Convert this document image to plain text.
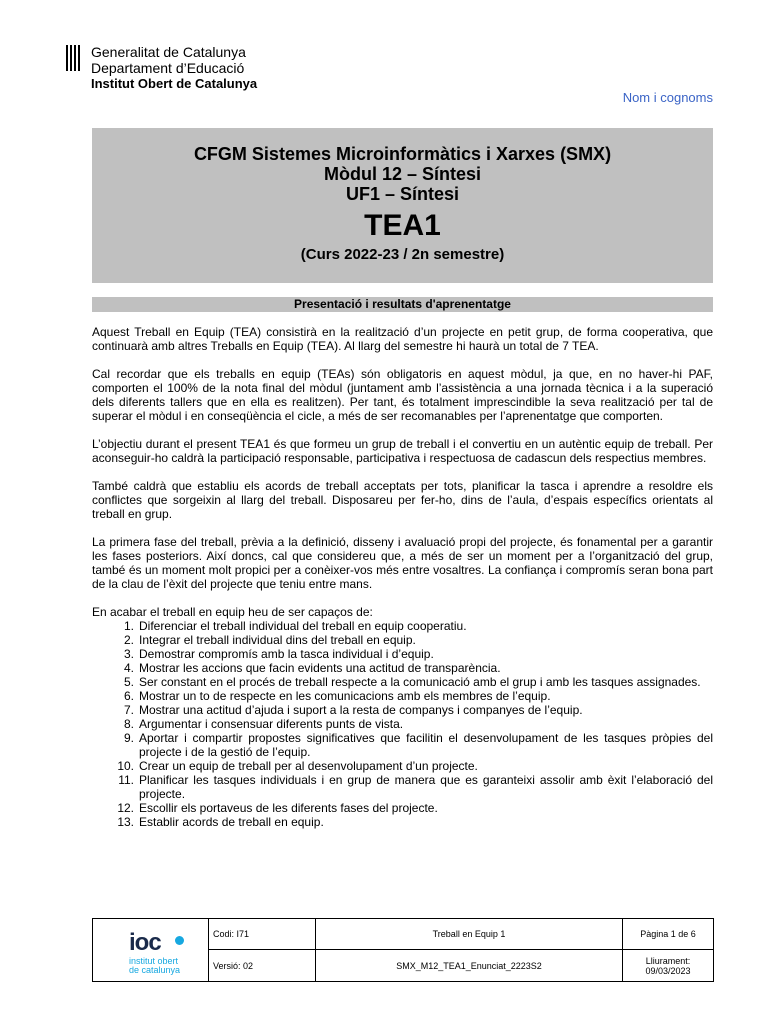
Generalitat de Catalunya
Departament d’Educació
Institut Obert de Catalunya
Nom i cognoms
CFGM Sistemes Microinformàtics i Xarxes (SMX)
Mòdul 12 – Síntesi
UF1 – Síntesi
TEA1
(Curs 2022-23 / 2n semestre)
Presentació i resultats d'aprenentatge

Aquest Treball en Equip (TEA) consistirà en la realització d’un projecte en petit grup, de forma cooperativa, que continuarà amb altres Treballs en Equip (TEA). Al llarg del semestre hi haurà un total de 7 TEA.

Cal recordar que els treballs en equip (TEAs) són obligatoris en aquest mòdul, ja que, en no haver-hi PAF, comporten el 100% de la nota final del mòdul (juntament amb l’assistència a una jornada tècnica i a la superació dels diferents tallers que en ella es realitzen). Per tant, és totalment imprescindible la seva realització per tal de superar el mòdul i en conseqüència el cicle, a més de ser recomanables per l’aprenentatge que comporten.

L’objectiu durant el present TEA1 és que formeu un grup de treball i el convertiu en un autèntic equip de treball. Per aconseguir-ho caldrà la participació responsable, participativa i respectuosa de cadascun dels respectius membres.

També caldrà que establiu els acords de treball acceptats per tots, planificar la tasca i aprendre a resoldre els conflictes que sorgeixin al llarg del treball. Disposareu per fer-ho, dins de l’aula, d’espais específics orientats al treball en grup.

La primera fase del treball, prèvia a la definició, disseny i avaluació propi del projecte, és fonamental per a garantir les fases posteriors. Així doncs, cal que considereu que, a més de ser un moment per a l’organització del grup, també és un moment molt propici per a conèixer-vos més entre vosaltres. La confiança i compromís seran bona part de la clau de l’èxit del projecte que teniu entre mans.

En acabar el treball en equip heu de ser capaços de:
1. Diferenciar el treball individual del treball en equip cooperatiu.
2. Integrar el treball individual dins del treball en equip.
3. Demostrar compromís amb la tasca individual i d’equip.
4. Mostrar les accions que facin evidents una actitud de transparència.
5. Ser constant en el procés de treball respecte a la comunicació amb el grup i amb les tasques assignades.
6. Mostrar un to de respecte en les comunicacions amb els membres de l’equip.
7. Mostrar una actitud d’ajuda i suport a la resta de companys i companyes de l’equip.
8. Argumentar i consensuar diferents punts de vista.
9. Aportar i compartir propostes significatives que facilitin el desenvolupament de les tasques pròpies del projecte i de la gestió de l’equip.
10. Crear un equip de treball per al desenvolupament d’un projecte.
11. Planificar les tasques individuals i en grup de manera que es garanteixi assolir amb èxit l’elaboració del projecte.
12. Escollir els portaveus de les diferents fases del projecte.
13. Establir acords de treball en equip.
ioc
institut obert
de catalunya
Codi: I71	Treball en Equip 1	Pàgina 1 de 6
Versió: 02	SMX_M12_TEA1_Enunciat_2223S2	Lliurament:
09/03/2023
